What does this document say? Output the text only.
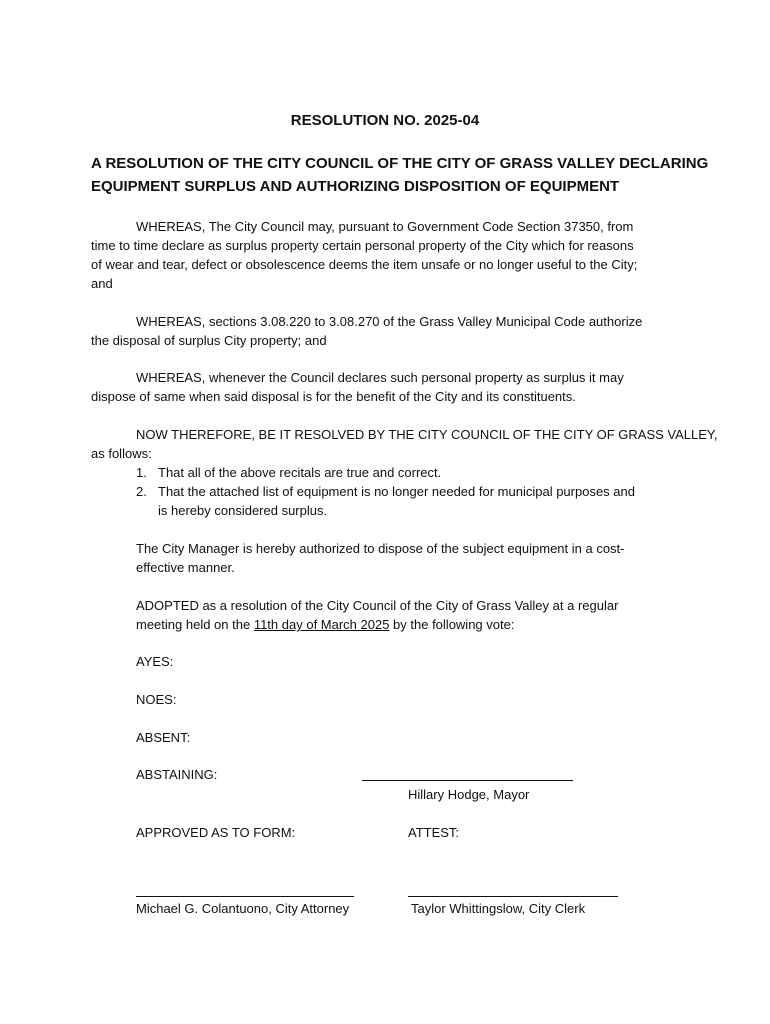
RESOLUTION NO. 2025-04
A RESOLUTION OF THE CITY COUNCIL OF THE CITY OF GRASS VALLEY DECLARING
EQUIPMENT SURPLUS AND AUTHORIZING DISPOSITION OF EQUIPMENT
WHEREAS, The City Council may, pursuant to Government Code Section 37350, from
time to time declare as surplus property certain personal property of the City which for reasons
of wear and tear, defect or obsolescence deems the item unsafe or no longer useful to the City;
and
WHEREAS, sections 3.08.220 to 3.08.270 of the Grass Valley Municipal Code authorize
the disposal of surplus City property; and
WHEREAS, whenever the Council declares such personal property as surplus it may
dispose of same when said disposal is for the benefit of the City and its constituents.
NOW THEREFORE, BE IT RESOLVED BY THE CITY COUNCIL OF THE CITY OF GRASS VALLEY,
as follows:
1. That all of the above recitals are true and correct.
2. That the attached list of equipment is no longer needed for municipal purposes and
is hereby considered surplus.
The City Manager is hereby authorized to dispose of the subject equipment in a cost-
effective manner.
ADOPTED as a resolution of the City Council of the City of Grass Valley at a regular
meeting held on the 11th day of March 2025 by the following vote:
AYES:
NOES:
ABSENT:
ABSTAINING:
Hillary Hodge, Mayor
APPROVED AS TO FORM:	ATTEST:
Michael G. Colantuono, City Attorney	Taylor Whittingslow, City Clerk
